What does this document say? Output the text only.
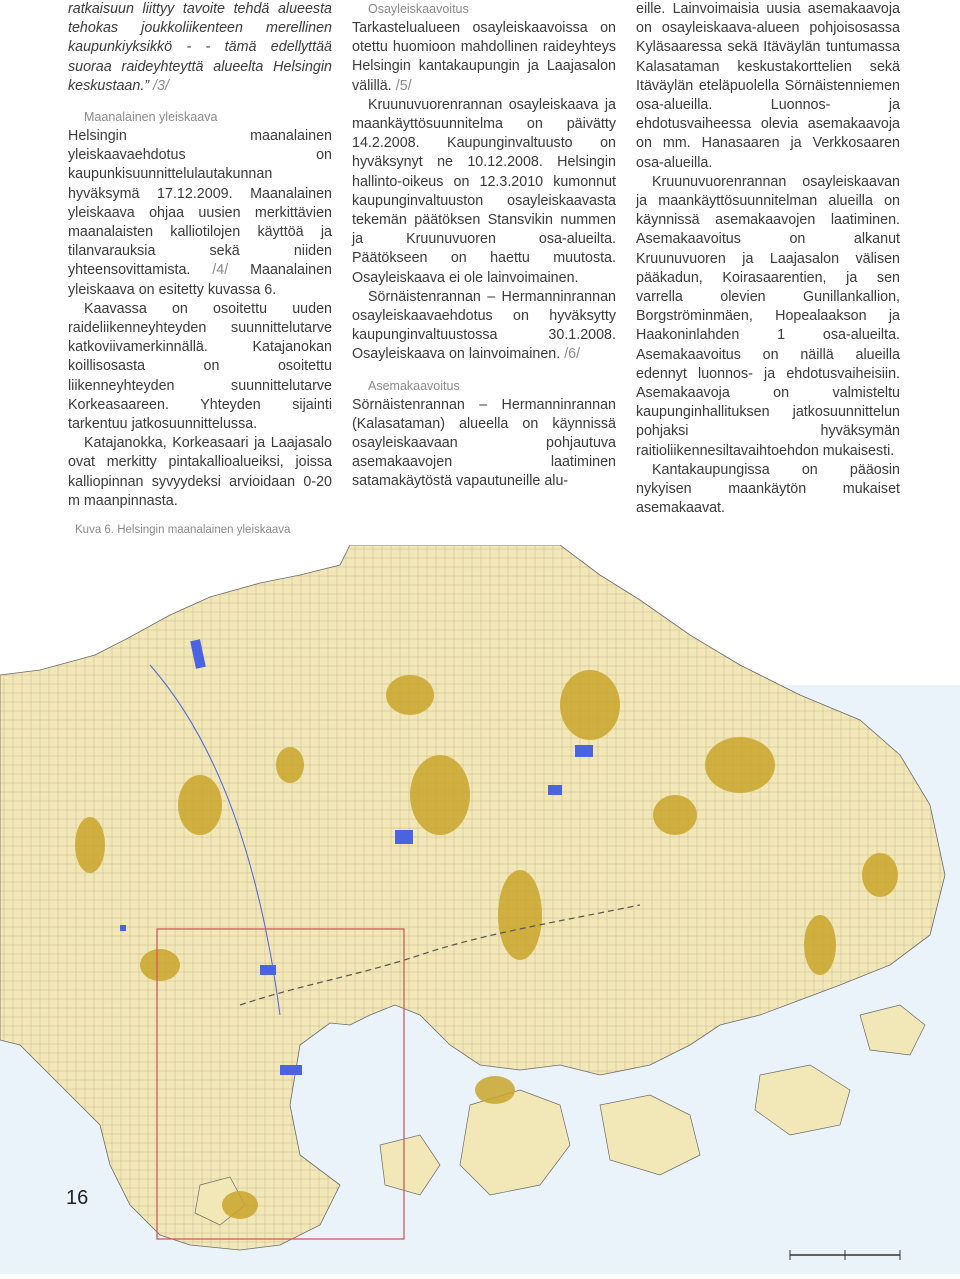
ratkaisuun liittyy tavoite tehdä alueesta tehokas joukkoliikenteen merellinen kaupunkiyksikkö - - tämä edellyttää suoraa raideyhteyttä alueelta Helsingin keskustaan.” /3/

Maanalainen yleiskaava

Helsingin maanalainen yleiskaavaehdotus on kaupunkisuunnittelulautakunnan hyväksymä 17.12.2009. Maanalainen yleiskaava ohjaa uusien merkittävien maanalaisten kalliotilojen käyttöä ja tilanvarauksia sekä niiden yhteensovittamista. /4/ Maanalainen yleiskaava on esitetty kuvassa 6.

Kaavassa on osoitettu uuden raideliikenneyhteyden suunnittelutarve katkoviivamerkinnällä. Katajanokan koillisosasta on osoitettu liikenneyhteyden suunnittelutarve Korkeasaareen. Yhteyden sijainti tarkentuu jatkosuunnittelussa.

Katajanokka, Korkeasaari ja Laajasalo ovat merkitty pintakallioalueiksi, joissa kalliopinnan syvyydeksi arvioidaan 0-20 m maanpinnasta.

Osayleiskaavoitus

Tarkastelualueen osayleiskaavoissa on otettu huomioon mahdollinen raideyhteys Helsingin kantakaupungin ja Laajasalon välillä. /5/

Kruunuvuorenrannan osayleiskaava ja maankäyttösuunnitelma on päivätty 14.2.2008. Kaupunginvaltuusto on hyväksynyt ne 10.12.2008. Helsingin hallinto-oikeus on 12.3.2010 kumonnut kaupunginvaltuuston osayleiskaavasta tekemän päätöksen Stansvikin nummen ja Kruunuvuoren osa-alueilta. Päätökseen on haettu muutosta. Osayleiskaava ei ole lainvoimainen.

Sörnäistenrannan – Hermanninrannan osayleiskaavaehdotus on hyväksytty kaupunginvaltuustossa 30.1.2008. Osayleiskaava on lainvoimainen. /6/

Asemakaavoitus

Sörnäistenrannan – Hermanninrannan (Kalasataman) alueella on käynnissä osayleiskaavaan pohjautuva asemakaavojen laatiminen satamakäytöstä vapautuneille alu-

eille. Lainvoimaisia uusia asemakaavoja on osayleiskaava-alueen pohjoisosassa Kyläsaaressa sekä Itäväylän tuntumassa Kalasataman keskustakorttelien sekä Itäväylän eteläpuolella Sörnäistenniemen osa-alueilla. Luonnos- ja ehdotusvaiheessa olevia asemakaavoja on mm. Hanasaaren ja Verkkosaaren osa-alueilla.

Kruunuvuorenrannan osayleiskaavan ja maankäyttösuunnitelman alueilla on käynnissä asemakaavojen laatiminen. Asemakaavoitus on alkanut Kruunuvuoren ja Laajasalon välisen pääkadun, Koirasaarentien, ja sen varrella olevien Gunillankallion, Borgströminmäen, Hopealaakson ja Haakoninlahden 1 osa-alueilta. Asemakaavoitus on näillä alueilla edennyt luonnos- ja ehdotusvaiheisiin. Asemakaavoja on valmisteltu kaupunginhallituksen jatkosuunnittelun pohjaksi hyväksymän raitioliikennesiltavaihtoehdon mukaisesti.

Kantakaupungissa on pääosin nykyisen maankäytön mukaiset asemakaavat.

Kuva 6. Helsingin maanalainen yleiskaava
16
